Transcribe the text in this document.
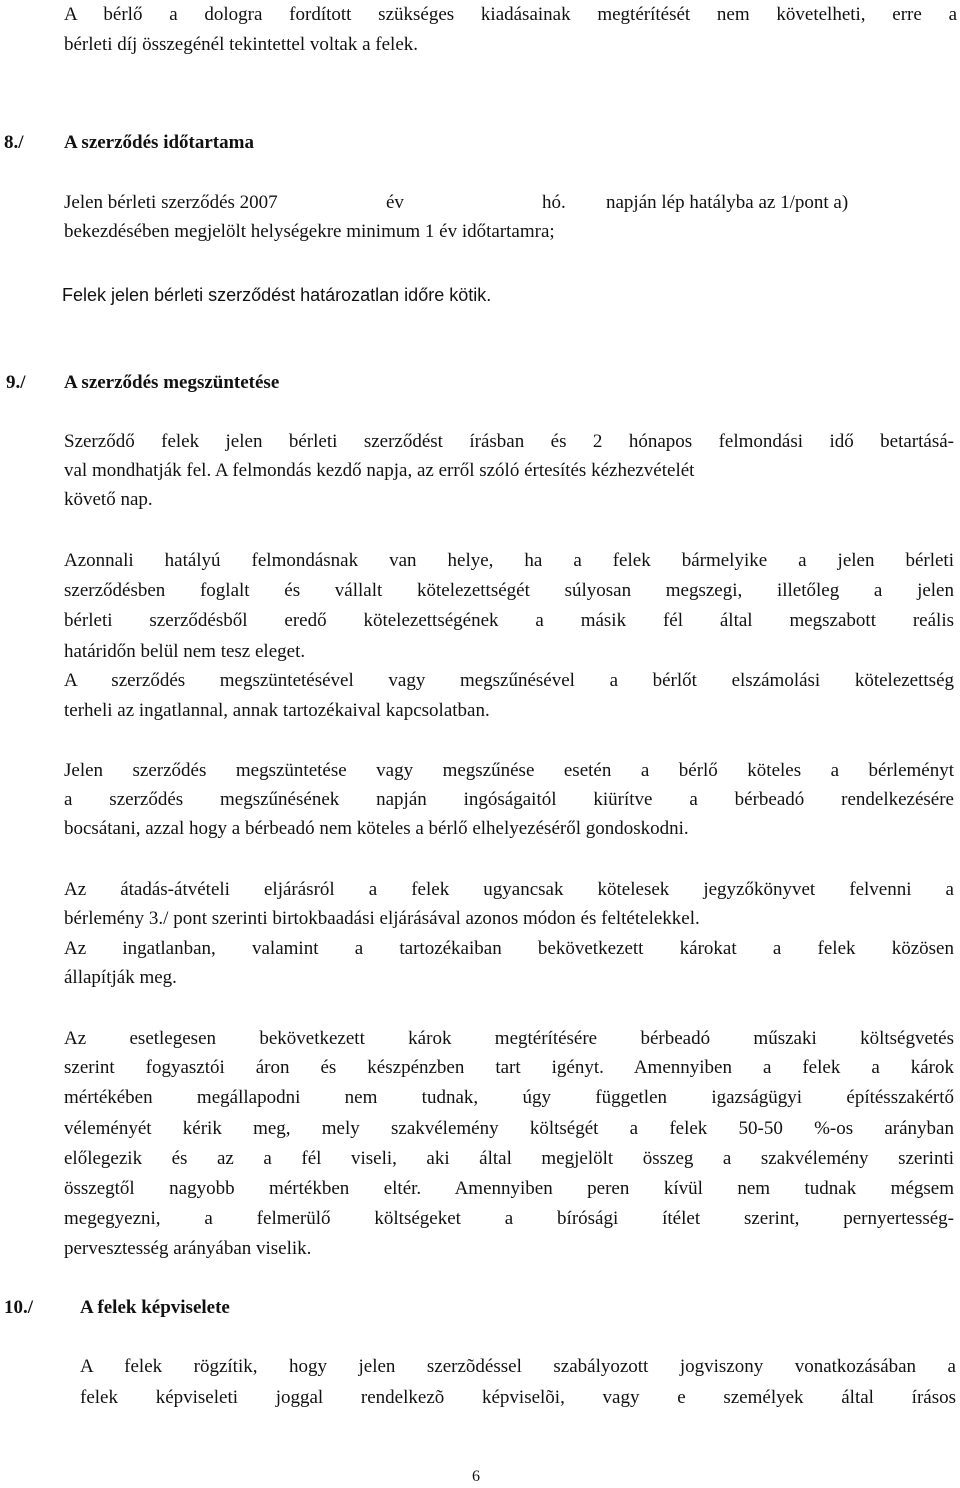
A bérlő a dologra fordított szükséges kiadásainak megtérítését nem követelheti, erre a

bérleti díj összegénél tekintettel voltak a felek.

8./ A szerződés időtartama
Jelen bérleti szerződés 2007	év	hó. napján lép hatályba az 1/pont a)

bekezdésében megjelölt helységekre minimum 1 év időtartamra;

Felek jelen bérleti szerződést határozatlan időre kötik.

9./ A szerződés megszüntetése

Szerződő felek jelen bérleti szerződést írásban és 2 hónapos felmondási idő betartásá-

val mondhatják fel. A felmondás kezdő napja, az erről szóló értesítés kézhezvételét

követő nap.

Azonnali hatályú felmondásnak van helye, ha a felek bármelyike a jelen bérleti

szerződésben foglalt és vállalt kötelezettségét súlyosan megszegi, illetőleg a jelen

bérleti szerződésből eredő kötelezettségének a másik fél által megszabott reális

határidőn belül nem tesz eleget.

A szerződés megszüntetésével vagy megszűnésével a bérlőt elszámolási kötelezettség

terheli az ingatlannal, annak tartozékaival kapcsolatban.

Jelen szerződés megszüntetése vagy megszűnése esetén a bérlő köteles a bérleményt

a szerződés megszűnésének napján ingóságaitól kiürítve a bérbeadó rendelkezésére

bocsátani, azzal hogy a bérbeadó nem köteles a bérlő elhelyezéséről gondoskodni.

Az átadás-átvételi eljárásról a felek ugyancsak kötelesek jegyzőkönyvet felvenni a

bérlemény 3./ pont szerinti birtokbaadási eljárásával azonos módon és feltételekkel.

Az ingatlanban, valamint a tartozékaiban bekövetkezett károkat a felek közösen

állapítják meg.

Az esetlegesen bekövetkezett károk megtérítésére bérbeadó műszaki költségvetés

szerint fogyasztói áron és készpénzben tart igényt. Amennyiben a felek a károk

mértékében megállapodni nem tudnak, úgy független igazságügyi építésszakértő

véleményét kérik meg, mely szakvélemény költségét a felek 50-50 %-os arányban

előlegezik és az a fél viseli, aki által megjelölt összeg a szakvélemény szerinti

összegtől nagyobb mértékben eltér. Amennyiben peren kívül nem tudnak mégsem

megegyezni, a felmerülő költségeket a bírósági ítélet szerint, pernyertesség-

pervesztesség arányában viselik.

10./ A felek képviselete

A felek rögzítik, hogy jelen szerzõdéssel szabályozott jogviszony vonatkozásában a

felek képviseleti joggal rendelkezõ képviselõi, vagy e személyek által írásos

6
